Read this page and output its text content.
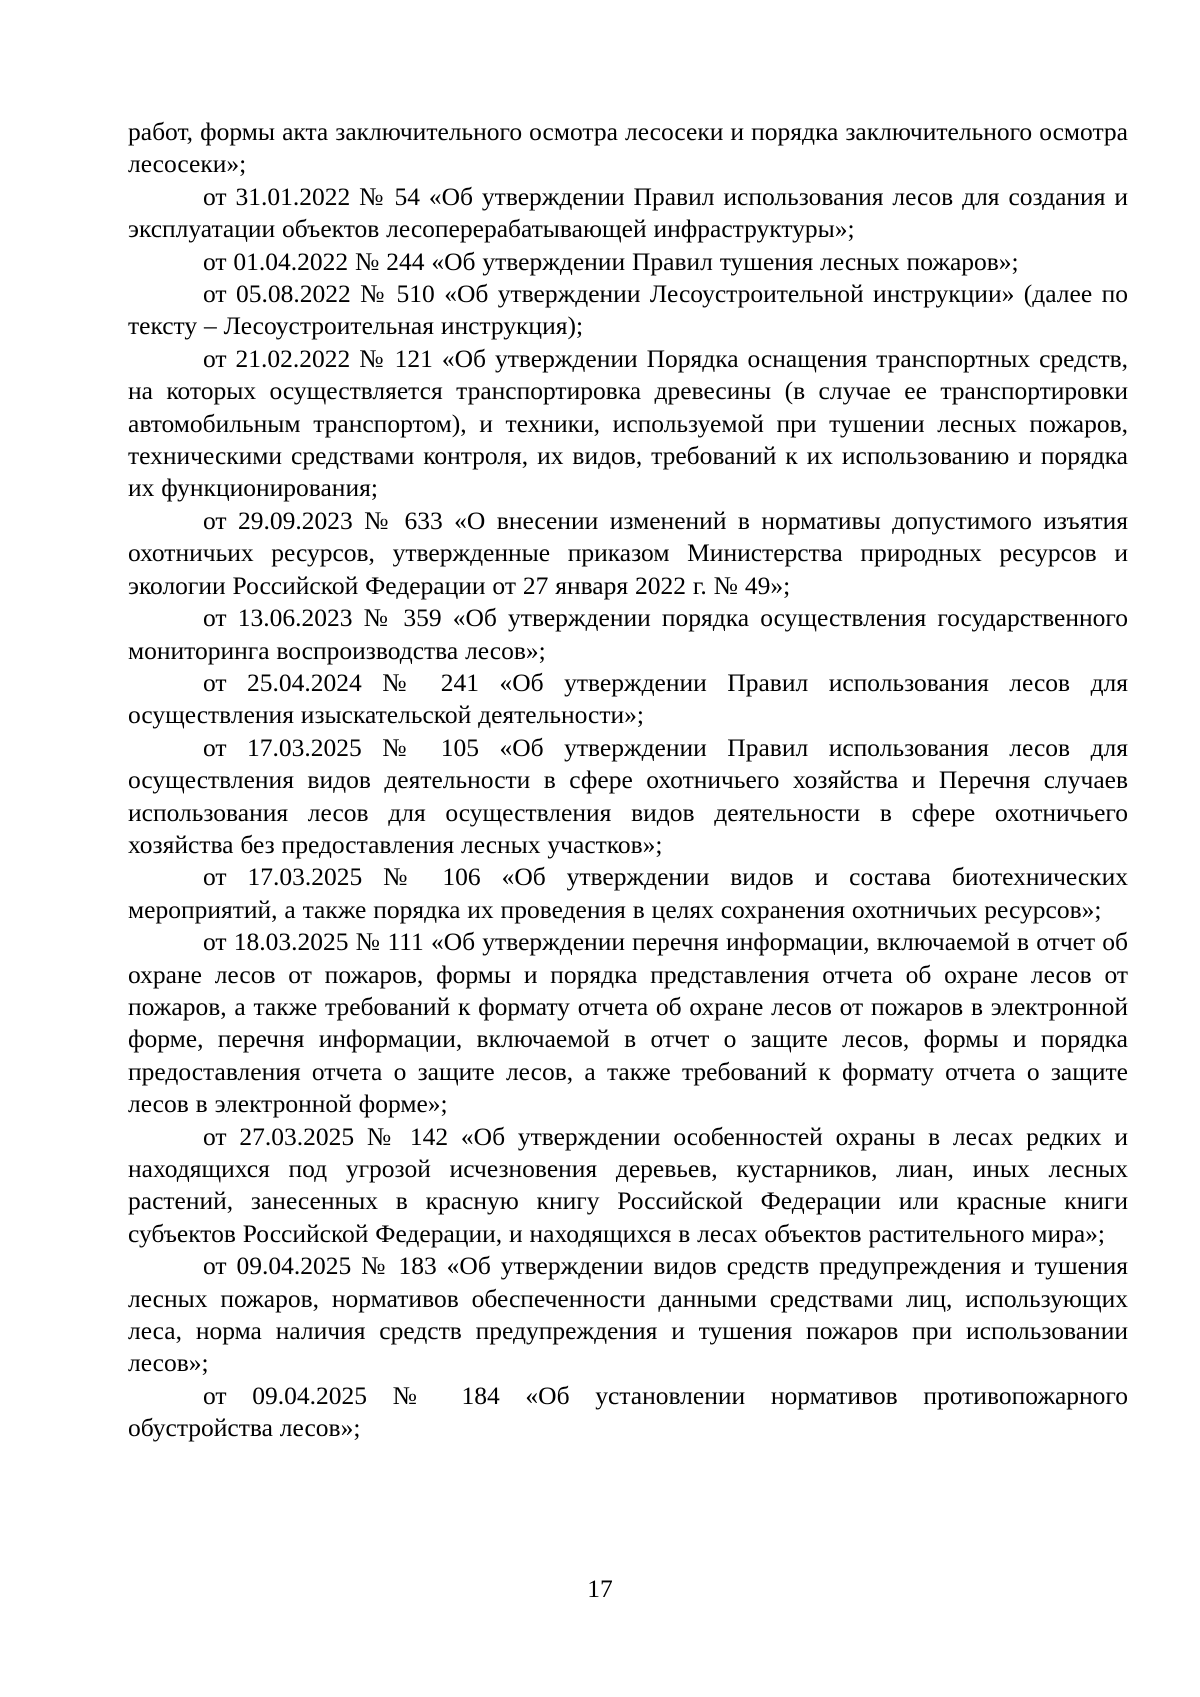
работ, формы акта заключительного осмотра лесосеки и порядка заключительного осмотра лесосеки»;

от 31.01.2022 № 54 «Об утверждении Правил использования лесов для создания и эксплуатации объектов лесоперерабатывающей инфраструктуры»;

от 01.04.2022 № 244 «Об утверждении Правил тушения лесных пожаров»;

от 05.08.2022 № 510 «Об утверждении Лесоустроительной инструкции» (далее по тексту – Лесоустроительная инструкция);

от 21.02.2022 № 121 «Об утверждении Порядка оснащения транспортных средств, на которых осуществляется транспортировка древесины (в случае ее транспортировки автомобильным транспортом), и техники, используемой при тушении лесных пожаров, техническими средствами контроля, их видов, требований к их использованию и порядка их функционирования;

от 29.09.2023 № 633 «О внесении изменений в нормативы допустимого изъятия охотничьих ресурсов, утвержденные приказом Министерства природных ресурсов и экологии Российской Федерации от 27 января 2022 г. № 49»;

от 13.06.2023 № 359 «Об утверждении порядка осуществления государственного мониторинга воспроизводства лесов»;

от 25.04.2024 № 241 «Об утверждении Правил использования лесов для осуществления изыскательской деятельности»;

от 17.03.2025 № 105 «Об утверждении Правил использования лесов для осуществления видов деятельности в сфере охотничьего хозяйства и Перечня случаев использования лесов для осуществления видов деятельности в сфере охотничьего хозяйства без предоставления лесных участков»;

от 17.03.2025 № 106 «Об утверждении видов и состава биотехнических мероприятий, а также порядка их проведения в целях сохранения охотничьих ресурсов»;

от 18.03.2025 № 111 «Об утверждении перечня информации, включаемой в отчет об охране лесов от пожаров, формы и порядка представления отчета об охране лесов от пожаров, а также требований к формату отчета об охране лесов от пожаров в электронной форме, перечня информации, включаемой в отчет о защите лесов, формы и порядка предоставления отчета о защите лесов, а также требований к формату отчета о защите лесов в электронной форме»;

от 27.03.2025 № 142 «Об утверждении особенностей охраны в лесах редких и находящихся под угрозой исчезновения деревьев, кустарников, лиан, иных лесных растений, занесенных в красную книгу Российской Федерации или красные книги субъектов Российской Федерации, и находящихся в лесах объектов растительного мира»;

от 09.04.2025 № 183 «Об утверждении видов средств предупреждения и тушения лесных пожаров, нормативов обеспеченности данными средствами лиц, использующих леса, норма наличия средств предупреждения и тушения пожаров при использовании лесов»;

от 09.04.2025 № 184 «Об установлении нормативов противопожарного обустройства лесов»;

17
